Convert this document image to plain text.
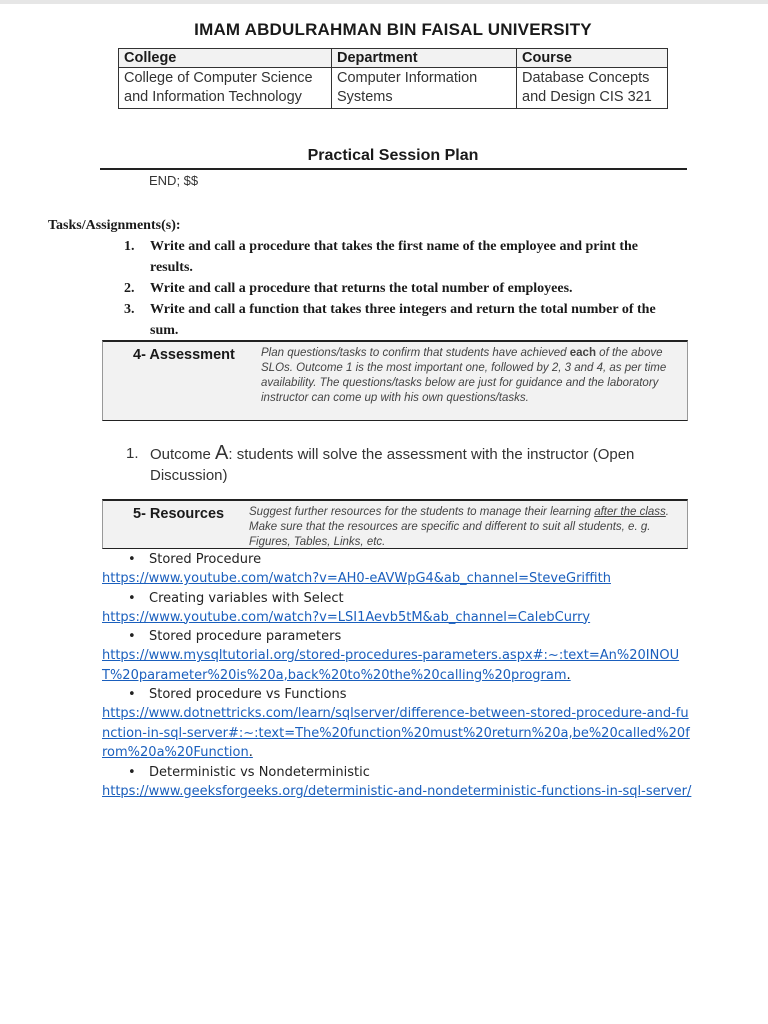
IMAM ABDULRAHMAN BIN FAISAL UNIVERSITY
College	Department	Course
College of Computer Science and Information Technology	Computer Information Systems	Database Concepts and Design CIS 321
Practical Session Plan
END; $$
Tasks/Assignments(s):
1. Write and call a procedure that takes the first name of the employee and print the results.
2. Write and call a procedure that returns the total number of employees.
3. Write and call a function that takes three integers and return the total number of the sum.
4- Assessment Plan questions/tasks to confirm that students have achieved each of the above SLOs. Outcome 1 is the most important one, followed by 2, 3 and 4, as per time availability. The questions/tasks below are just for guidance and the laboratory instructor can come up with his own questions/tasks.
1. Outcome A: students will solve the assessment with the instructor (Open Discussion)
5- Resources Suggest further resources for the students to manage their learning after the class. Make sure that the resources are specific and different to suit all students, e. g. Figures, Tables, Links, etc.
• Stored Procedure
https://www.youtube.com/watch?v=AH0-eAVWpG4&ab_channel=SteveGriffith
• Creating variables with Select
https://www.youtube.com/watch?v=LSI1Aevb5tM&ab_channel=CalebCurry
• Stored procedure parameters
https://www.mysqltutorial.org/stored-procedures-parameters.aspx#:~:text=An%20INOUT%20parameter%20is%20a,back%20to%20the%20calling%20program.
• Stored procedure vs Functions
https://www.dotnettricks.com/learn/sqlserver/difference-between-stored-procedure-and-function-in-sql-server#:~:text=The%20function%20must%20return%20a,be%20called%20from%20a%20Function.
• Deterministic vs Nondeterministic
https://www.geeksforgeeks.org/deterministic-and-nondeterministic-functions-in-sql-server/
